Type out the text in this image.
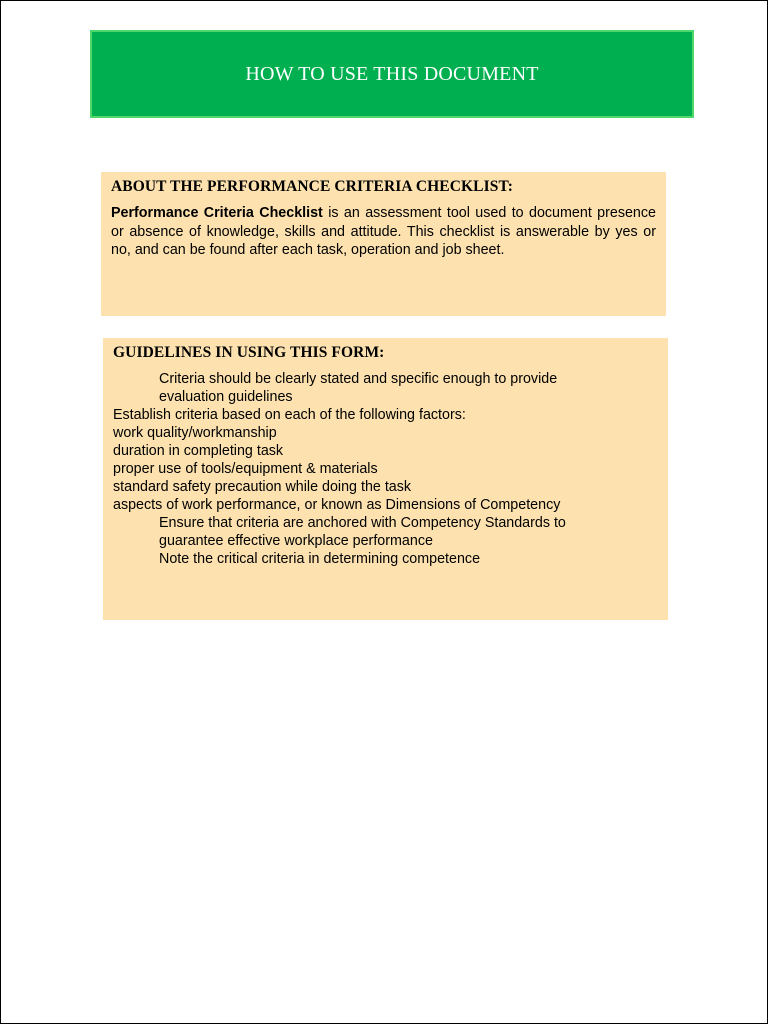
HOW TO USE THIS DOCUMENT
ABOUT THE PERFORMANCE CRITERIA CHECKLIST:

Performance Criteria Checklist is an assessment tool used to document presence or absence of knowledge, skills and attitude. This checklist is answerable by yes or no, and can be found after each task, operation and job sheet.

GUIDELINES IN USING THIS FORM:
Criteria should be clearly stated and specific enough to provide
evaluation guidelines
Establish criteria based on each of the following factors:
work quality/workmanship
duration in completing task
proper use of tools/equipment & materials
standard safety precaution while doing the task
aspects of work performance, or known as Dimensions of Competency
Ensure that criteria are anchored with Competency Standards to
guarantee effective workplace performance
Note the critical criteria in determining competence
